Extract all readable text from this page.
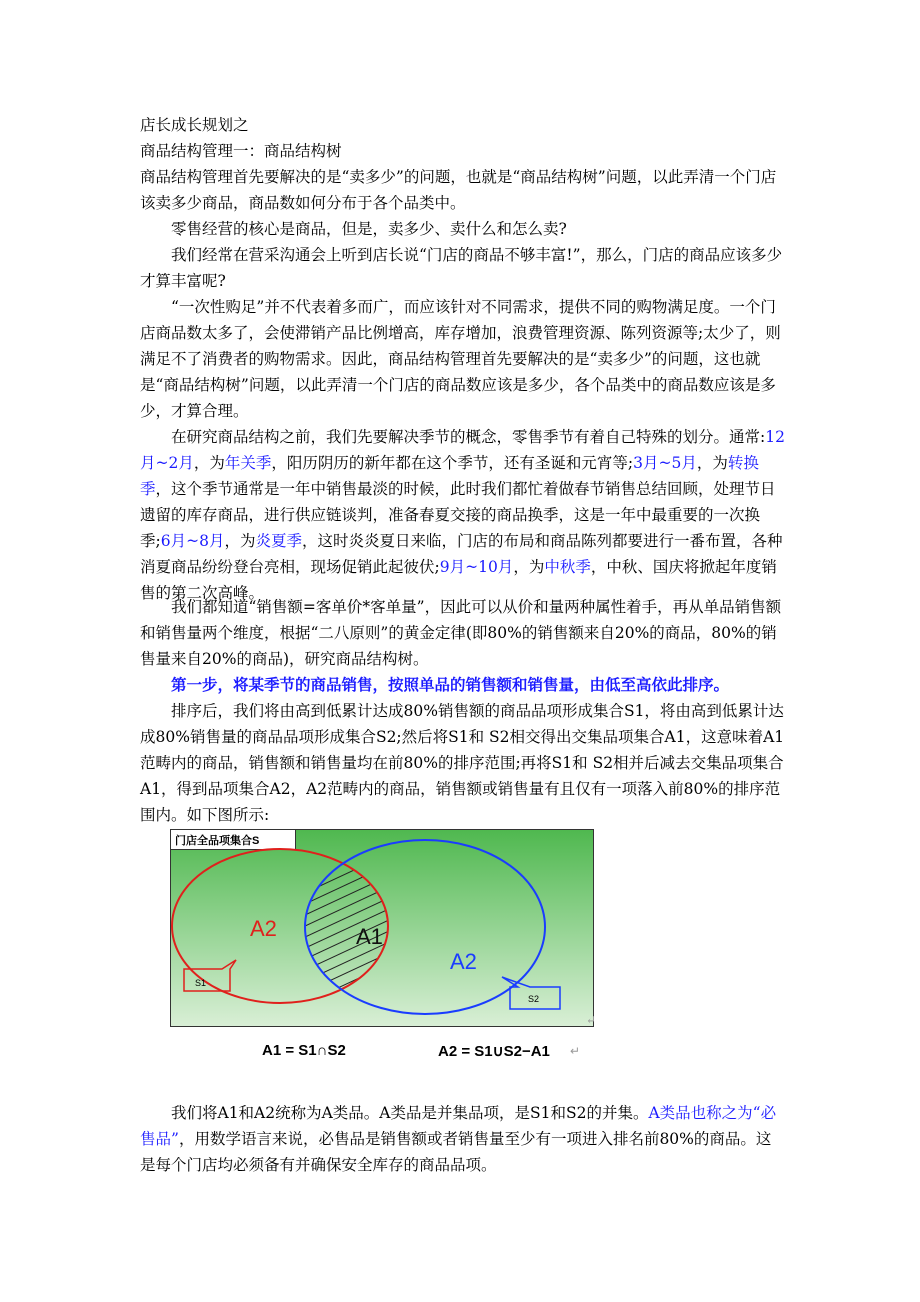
店长成长规划之

商品结构管理一：商品结构树

商品结构管理首先要解决的是“卖多少”的问题，也就是“商品结构树”问题，以此弄清一个门店该卖多少商品，商品数如何分布于各个品类中。

零售经营的核心是商品，但是，卖多少、卖什么和怎么卖?

我们经常在营采沟通会上听到店长说“门店的商品不够丰富!”，那么，门店的商品应该多少才算丰富呢?

“一次性购足”并不代表着多而广，而应该针对不同需求，提供不同的购物满足度。一个门店商品数太多了，会使滞销产品比例增高，库存增加，浪费管理资源、陈列资源等;太少了，则满足不了消费者的购物需求。因此，商品结构管理首先要解决的是“卖多少”的问题，这也就是“商品结构树”问题，以此弄清一个门店的商品数应该是多少，各个品类中的商品数应该是多少，才算合理。

在研究商品结构之前，我们先要解决季节的概念，零售季节有着自己特殊的划分。通常:12月~2月，为年关季，阳历阴历的新年都在这个季节，还有圣诞和元宵等;3月~5月，为转换季，这个季节通常是一年中销售最淡的时候，此时我们都忙着做春节销售总结回顾，处理节日遗留的库存商品，进行供应链谈判，准备春夏交接的商品换季，这是一年中最重要的一次换季;6月~8月，为炎夏季，这时炎炎夏日来临，门店的布局和商品陈列都要进行一番布置，各种消夏商品纷纷登台亮相，现场促销此起彼伏;9月~10月，为中秋季，中秋、国庆将掀起年度销售的第二次高峰。

我们都知道“销售额=客单价*客单量”，因此可以从价和量两种属性着手，再从单品销售额和销售量两个维度，根据“二八原则”的黄金定律(即80%的销售额来自20%的商品，80%的销售量来自20%的商品)，研究商品结构树。

第一步，将某季节的商品销售，按照单品的销售额和销售量，由低至高依此排序。

排序后，我们将由高到低累计达成80%销售额的商品品项形成集合S1，将由高到低累计达成80%销售量的商品品项形成集合S2;然后将S1和 S2相交得出交集品项集合A1，这意味着A1范畴内的商品，销售额和销售量均在前80%的排序范围;再将S1和 S2相并后减去交集品项集合A1，得到品项集合A2，A2范畴内的商品，销售额或销售量有且仅有一项落入前80%的排序范围内。如下图所示:

门店全品项集合S
A2	A1
A2
S1
S2
↵
A1 = S1∩S2	A2 = S1∪S2−A1 ↵

我们将A1和A2统称为A类品。A类品是并集品项，是S1和S2的并集。A类品也称之为“必售品”，用数学语言来说，必售品是销售额或者销售量至少有一项进入排名前80%的商品。这是每个门店均必须备有并确保安全库存的商品品项。
